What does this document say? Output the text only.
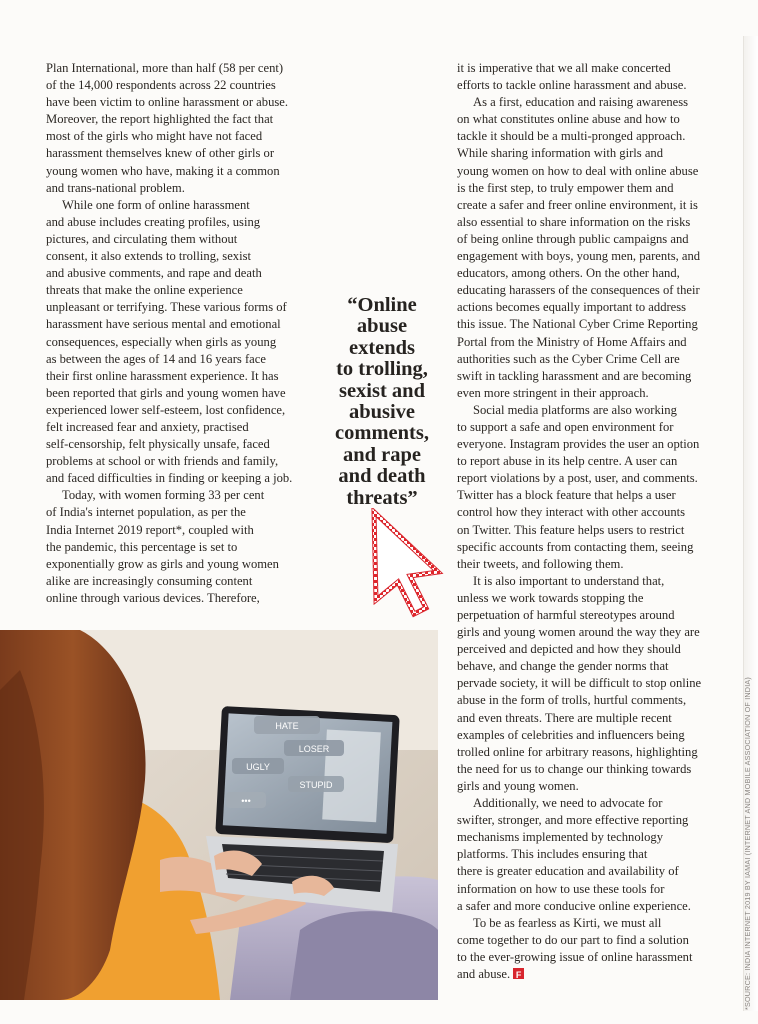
Plan International, more than half (58 per cent)
of the 14,000 respondents across 22 countries
have been victim to online harassment or abuse.
Moreover, the report highlighted the fact that
most of the girls who might have not faced
harassment themselves knew of other girls or
young women who have, making it a common
and trans-national problem.

While one form of online harassment
and abuse includes creating profiles, using
pictures, and circulating them without
consent, it also extends to trolling, sexist
and abusive comments, and rape and death
threats that make the online experience
unpleasant or terrifying. These various forms of
harassment have serious mental and emotional
consequences, especially when girls as young
as between the ages of 14 and 16 years face
their first online harassment experience. It has
been reported that girls and young women have
experienced lower self-esteem, lost confidence,
felt increased fear and anxiety, practised
self-censorship, felt physically unsafe, faced
problems at school or with friends and family,
and faced difficulties in finding or keeping a job.

Today, with women forming 33 per cent
of India's internet population, as per the
India Internet 2019 report*, coupled with
the pandemic, this percentage is set to
exponentially grow as girls and young women
alike are increasingly consuming content
online through various devices. Therefore,

“Online
abuse
extends
to trolling,
sexist and
abusive
comments,
and rape
and death
threats”

it is imperative that we all make concerted
efforts to tackle online harassment and abuse.

As a first, education and raising awareness
on what constitutes online abuse and how to
tackle it should be a multi-pronged approach.
While sharing information with girls and
young women on how to deal with online abuse
is the first step, to truly empower them and
create a safer and freer online environment, it is
also essential to share information on the risks
of being online through public campaigns and
engagement with boys, young men, parents, and
educators, among others. On the other hand,
educating harassers of the consequences of their
actions becomes equally important to address
this issue. The National Cyber Crime Reporting
Portal from the Ministry of Home Affairs and
authorities such as the Cyber Crime Cell are
swift in tackling harassment and are becoming
even more stringent in their approach.

Social media platforms are also working
to support a safe and open environment for
everyone. Instagram provides the user an option
to report abuse in its help centre. A user can
report violations by a post, user, and comments.
Twitter has a block feature that helps a user
control how they interact with other accounts
on Twitter. This feature helps users to restrict
specific accounts from contacting them, seeing
their tweets, and following them.

It is also important to understand that,
unless we work towards stopping the
perpetuation of harmful stereotypes around
girls and young women around the way they are
perceived and depicted and how they should
behave, and change the gender norms that
pervade society, it will be difficult to stop online
abuse in the form of trolls, hurtful comments,
and even threats. There are multiple recent
examples of celebrities and influencers being
trolled online for arbitrary reasons, highlighting
the need for us to change our thinking towards
girls and young women.

Additionally, we need to advocate for
swifter, stronger, and more effective reporting
mechanisms implemented by technology
platforms. This includes ensuring that
there is greater education and availability of
information on how to use these tools for
a safer and more conducive online experience.

To be as fearless as Kirti, we must all
come together to do our part to find a solution
to the ever-growing issue of online harassment
and abuse. F

HATE
LOSER
UGLY
STUPID
•••	*SOURCE: INDIA INTERNET 2019 BY IAMAI (INTERNET AND MOBILE ASSOCIATION OF INDIA)
